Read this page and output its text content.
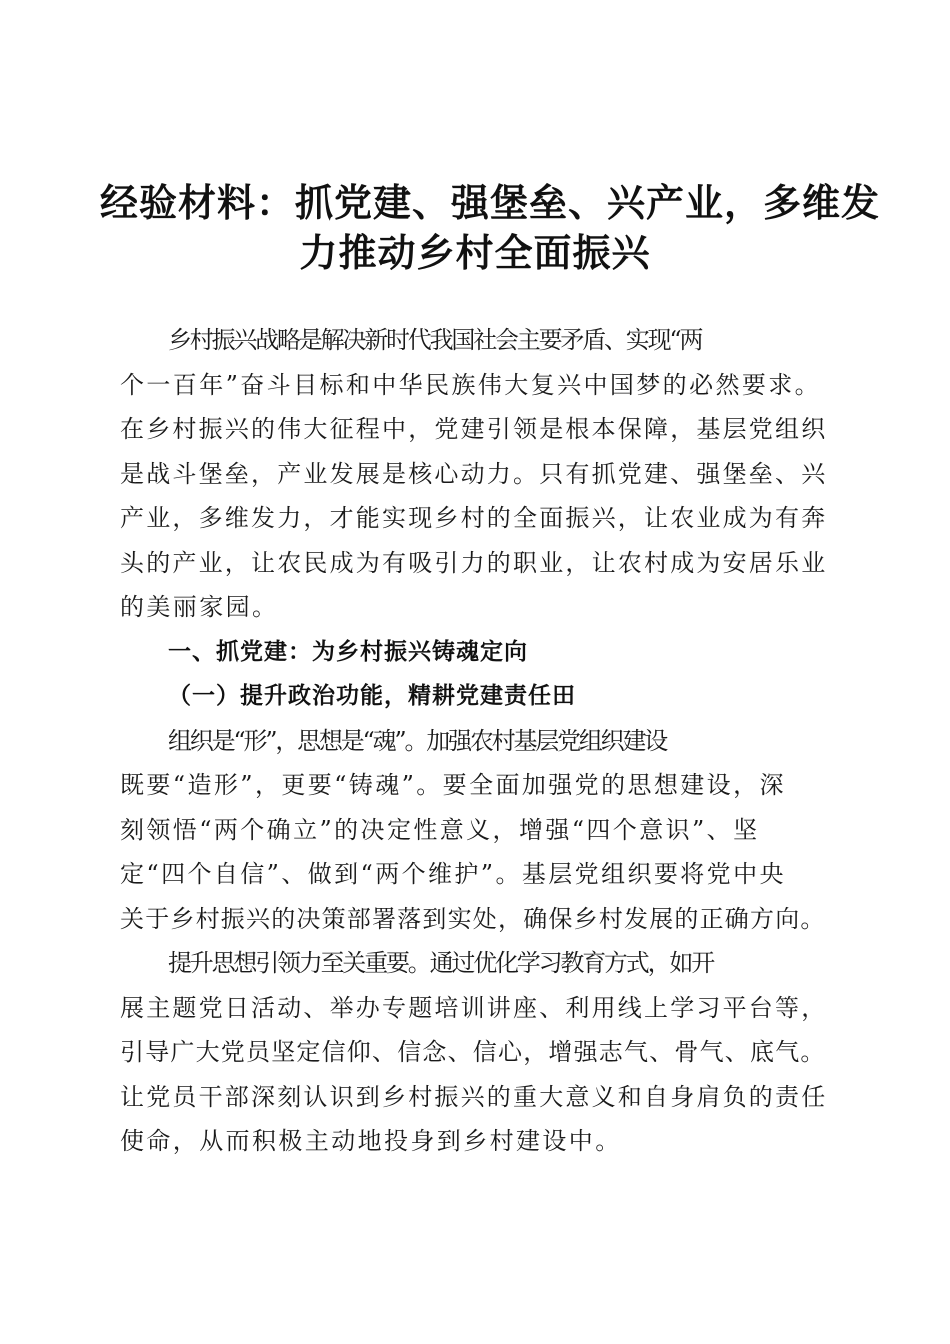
经验材料：抓党建、强堡垒、兴产业，多维发
力推动乡村全面振兴

乡村振兴战略是解决新时代我国社会主要矛盾、实现“两
个一百年”奋斗目标和中华民族伟大复兴中国梦的必然要求。
在乡村振兴的伟大征程中，党建引领是根本保障，基层党组织
是战斗堡垒，产业发展是核心动力。只有抓党建、强堡垒、兴
产业，多维发力，才能实现乡村的全面振兴，让农业成为有奔
头的产业，让农民成为有吸引力的职业，让农村成为安居乐业
的美丽家园。

一、抓党建：为乡村振兴铸魂定向
（一）提升政治功能，精耕党建责任田

组织是“形”，思想是“魂”。加强农村基层党组织建设
既要“造形”，更要“铸魂”。要全面加强党的思想建设，深
刻领悟“两个确立”的决定性意义，增强“四个意识”、坚
定“四个自信”、做到“两个维护”。基层党组织要将党中央
关于乡村振兴的决策部署落到实处，确保乡村发展的正确方向。

提升思想引领力至关重要。通过优化学习教育方式，如开
展主题党日活动、举办专题培训讲座、利用线上学习平台等，
引导广大党员坚定信仰、信念、信心，增强志气、骨气、底气。
让党员干部深刻认识到乡村振兴的重大意义和自身肩负的责任
使命，从而积极主动地投身到乡村建设中。
